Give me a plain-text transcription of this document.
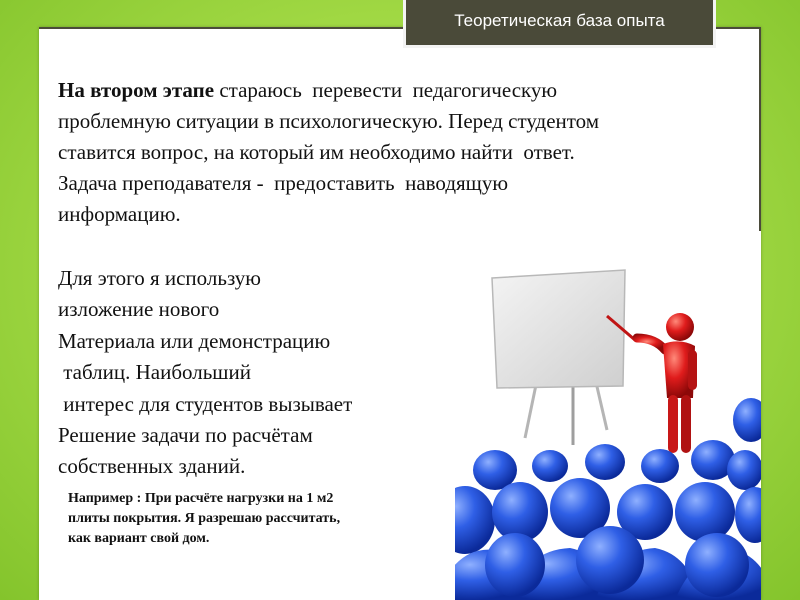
Теоретическая база опыта
На втором этапе стараюсь  перевести  педагогическую
проблемную ситуации в психологическую. Перед студентом
ставится вопрос, на который им необходимо найти  ответ.
Задача преподавателя -  предоставить  наводящую
информацию.
Для этого я использую
изложение нового
Материала или демонстрацию
таблиц. Наибольший
интерес для студентов вызывает
Решение задачи по расчётам
собственных зданий.
Например : При расчёте нагрузки на 1 м2
плиты покрытия. Я разрешаю рассчитать,
как вариант свой дом.
